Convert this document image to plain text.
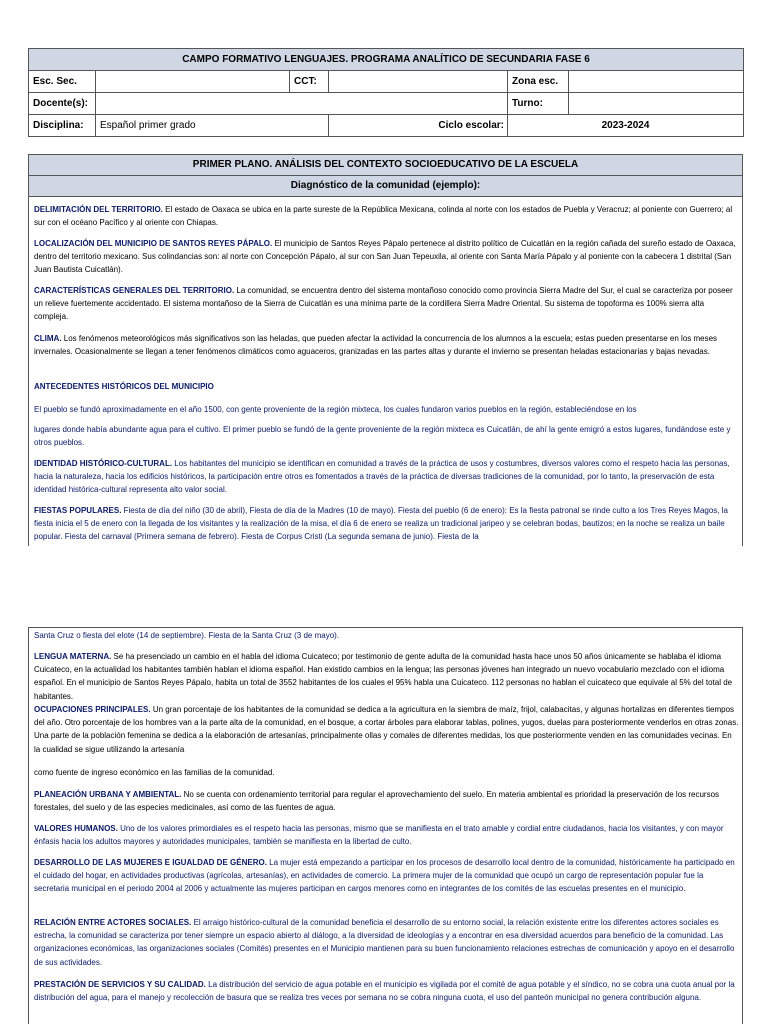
CAMPO FORMATIVO LENGUAJES. PROGRAMA ANALÍTICO DE SECUNDARIA FASE 6					
Esc. Sec.		CCT:		Zona esc.	
Docente(s):				Turno:	
Disciplina:	Español primer grado		Ciclo escolar:	2023-2024	
PRIMER PLANO. ANÁLISIS DEL CONTEXTO SOCIOEDUCATIVO DE LA ESCUELA
Diagnóstico de la comunidad (ejemplo):
DELIMITACIÓN DEL TERRITORIO. El estado de Oaxaca se ubica en la parte sureste de la República Mexicana, colinda al norte con los estados de Puebla y Veracruz; al poniente con Guerrero; al sur con el océano Pacífico y al oriente con Chiapas.
LOCALIZACIÓN DEL MUNICIPIO DE SANTOS REYES PÁPALO. El municipio de Santos Reyes Pápalo pertenece al distrito político de Cuicatlán en la región cañada del sureño estado de Oaxaca, dentro del territorio mexicano. Sus colindancias son: al norte con Concepción Pápalo, al sur con San Juan Tepeuxila, al oriente con Santa María Pápalo y al poniente con la cabecera 1 distrital (San Juan Bautista Cuicatlán).
CARACTERÍSTICAS GENERALES DEL TERRITORIO. La comunidad, se encuentra dentro del sistema montañoso conocido como provincia Sierra Madre del Sur, el cual se caracteriza por poseer un relieve fuertemente accidentado. El sistema montañoso de la Sierra de Cuicatlán es una mínima parte de la cordillera Sierra Madre Oriental. Su sistema de topoforma es 100% sierra alta compleja.
CLIMA. Los fenómenos meteorológicos más significativos son las heladas, que pueden afectar la actividad la concurrencia de los alumnos a la escuela; estas pueden presentarse en los meses invernales. Ocasionalmente se llegan a tener fenómenos climáticos como aguaceros, granizadas en las partes altas y durante el invierno se presentan heladas estacionarias y bajas nevadas.
ANTECEDENTES HISTÓRICOS DEL MUNICIPIO
El pueblo se fundó aproximadamente en el año 1500, con gente proveniente de la región mixteca, los cuales fundaron varios pueblos en la región, estableciéndose en los
lugares donde había abundante agua para el cultivo. El primer pueblo se fundó de la gente proveniente de la región mixteca es Cuicatlán, de ahí la gente emigró a estos lugares, fundándose este y otros pueblos.
IDENTIDAD HISTÓRICO-CULTURAL. Los habitantes del municipio se identifican en comunidad a través de la práctica de usos y costumbres, diversos valores como el respeto hacia las personas, hacia la naturaleza, hacia los edificios históricos, la participación entre otros es fomentados a través de la práctica de diversas tradiciones de la comunidad, por lo tanto, la preservación de esta identidad histórica-cultural representa alto valor social.
FIESTAS POPULARES. Fiesta de día del niño (30 de abril), Fiesta de día de la Madres (10 de mayo). Fiesta del pueblo (6 de enero): Es la fiesta patronal se rinde culto a los Tres Reyes Magos, la fiesta inicia el 5 de enero con la llegada de los visitantes y la realización de la misa, el día 6 de enero se realiza un tradicional jaripeo y se celebran bodas, bautizos; en la noche se realiza un baile popular. Fiesta del carnaval (Primera semana de febrero). Fiesta de Corpus Cristi (La segunda semana de junio). Fiesta de la
Santa Cruz o fiesta del elote (14 de septiembre). Fiesta de la Santa Cruz (3 de mayo).
LENGUA MATERNA. Se ha presenciado un cambio en el habla del idioma Cuicateco; por testimonio de gente adulta de la comunidad hasta hace unos 50 años únicamente se hablaba el idioma Cuicateco, en la actualidad los habitantes también hablan el idioma español. Han existido cambios en la lengua; las personas jóvenes han integrado un nuevo vocabulario mezclado con el idioma español. En el municipio de Santos Reyes Pápalo, habita un total de 3552 habitantes de los cuales el 95% habla una Cuicateco. 112 personas no hablan el cuicateco que equivale al 5% del total de habitantes.
OCUPACIONES PRINCIPALES. Un gran porcentaje de los habitantes de la comunidad se dedica a la agricultura en la siembra de maíz, frijol, calabacitas, y algunas hortalizas en diferentes tiempos del año. Otro porcentaje de los hombres van a la parte alta de la comunidad, en el bosque, a cortar árboles para elaborar tablas, polines, yugos, duelas para posteriormente venderlos en otras zonas. Una parte de la población femenina se dedica a la elaboración de artesanías, principalmente ollas y comales de diferentes medidas, los que posteriormente venden en las comunidades vecinas. En la cualidad se sigue utilizando la artesanía
como fuente de ingreso económico en las familias de la comunidad.
PLANEACIÓN URBANA Y AMBIENTAL. No se cuenta con ordenamiento territorial para regular el aprovechamiento del suelo. En materia ambiental es prioridad la preservación de los recursos forestales, del suelo y de las especies medicinales, así como de las fuentes de agua.
VALORES HUMANOS. Uno de los valores primordiales es el respeto hacia las personas, mismo que se manifiesta en el trato amable y cordial entre ciudadanos, hacia los visitantes, y con mayor énfasis hacia los adultos mayores y autoridades municipales, también se manifiesta en la libertad de culto.
DESARROLLO DE LAS MUJERES E IGUALDAD DE GÉNERO. La mujer está empezando a participar en los procesos de desarrollo local dentro de la comunidad, históricamente ha participado en el cuidado del hogar, en actividades productivas (agrícolas, artesanías), en actividades de comercio. La primera mujer de la comunidad que ocupó un cargo de representación popular fue la secretaria municipal en el periodo 2004 al 2006 y actualmente las mujeres participan en cargos menores como en integrantes de los comités de las escuelas presentes en el municipio.
RELACIÓN ENTRE ACTORES SOCIALES. El arraigo histórico-cultural de la comunidad beneficia el desarrollo de su entorno social, la relación existente entre los diferentes actores sociales es estrecha, la comunidad se caracteriza por tener siempre un espacio abierto al diálogo, a la diversidad de ideologías y a encontrar en esa diversidad acuerdos para beneficio de la comunidad. Las organizaciones económicas, las organizaciones sociales (Comités) presentes en el Municipio mantienen para su buen funcionamiento relaciones estrechas de comunicación y apoyo en el desarrollo de sus actividades.
PRESTACIÓN DE SERVICIOS Y SU CALIDAD. La distribución del servicio de agua potable en el municipio es vigilada por el comité de agua potable y el síndico, no se cobra una cuota anual por la distribución del agua, para el manejo y recolección de basura que se realiza tres veces por semana no se cobra ninguna cuota, el uso del panteón municipal no genera contribución alguna.
